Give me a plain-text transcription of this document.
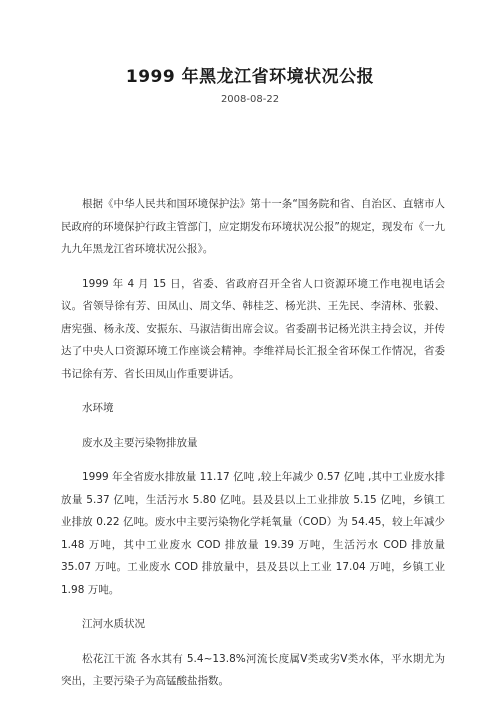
1999 年黑龙江省环境状况公报
2008-08-22

根据《中华人民共和国环境保护法》第十一条“国务院和省、自治区、直辖市人民政府的环境保护行政主管部门，应定期发布环境状况公报”的规定，现发布《一九九九年黑龙江省环境状况公报》。

1999 年 4 月 15 日，省委、省政府召开全省人口资源环境工作电视电话会议。省领导徐有芳、田凤山、周文华、韩桂芝、杨光洪、王先民、李清林、张毅、唐宪强、杨永茂、安振东、马淑洁街出席会议。省委副书记杨光洪主持会议，并传达了中央人口资源环境工作座谈会精神。李维祥局长汇报全省环保工作情况，省委书记徐有芳、省长田凤山作重要讲话。

水环境

废水及主要污染物排放量

1999 年全省废水排放量 11.17 亿吨 ,较上年减少 0.57 亿吨 ,其中工业废水排放量 5.37 亿吨，生活污水 5.80 亿吨。县及县以上工业排放 5.15 亿吨，乡镇工业排放 0.22 亿吨。废水中主要污染物化学耗氧量（COD）为 54.45，较上年减少 1.48 万吨，其中工业废水 COD 排放量 19.39 万吨，生活污水 COD 排放量 35.07 万吨。工业废水 COD 排放量中，县及县以上工业 17.04 万吨，乡镇工业 1.98 万吨。

江河水质状况

松花江干流 各水其有 5.4~13.8%河流长度属Ⅴ类或劣Ⅴ类水体，平水期尤为突出，主要污染子为高锰酸盐指数。
